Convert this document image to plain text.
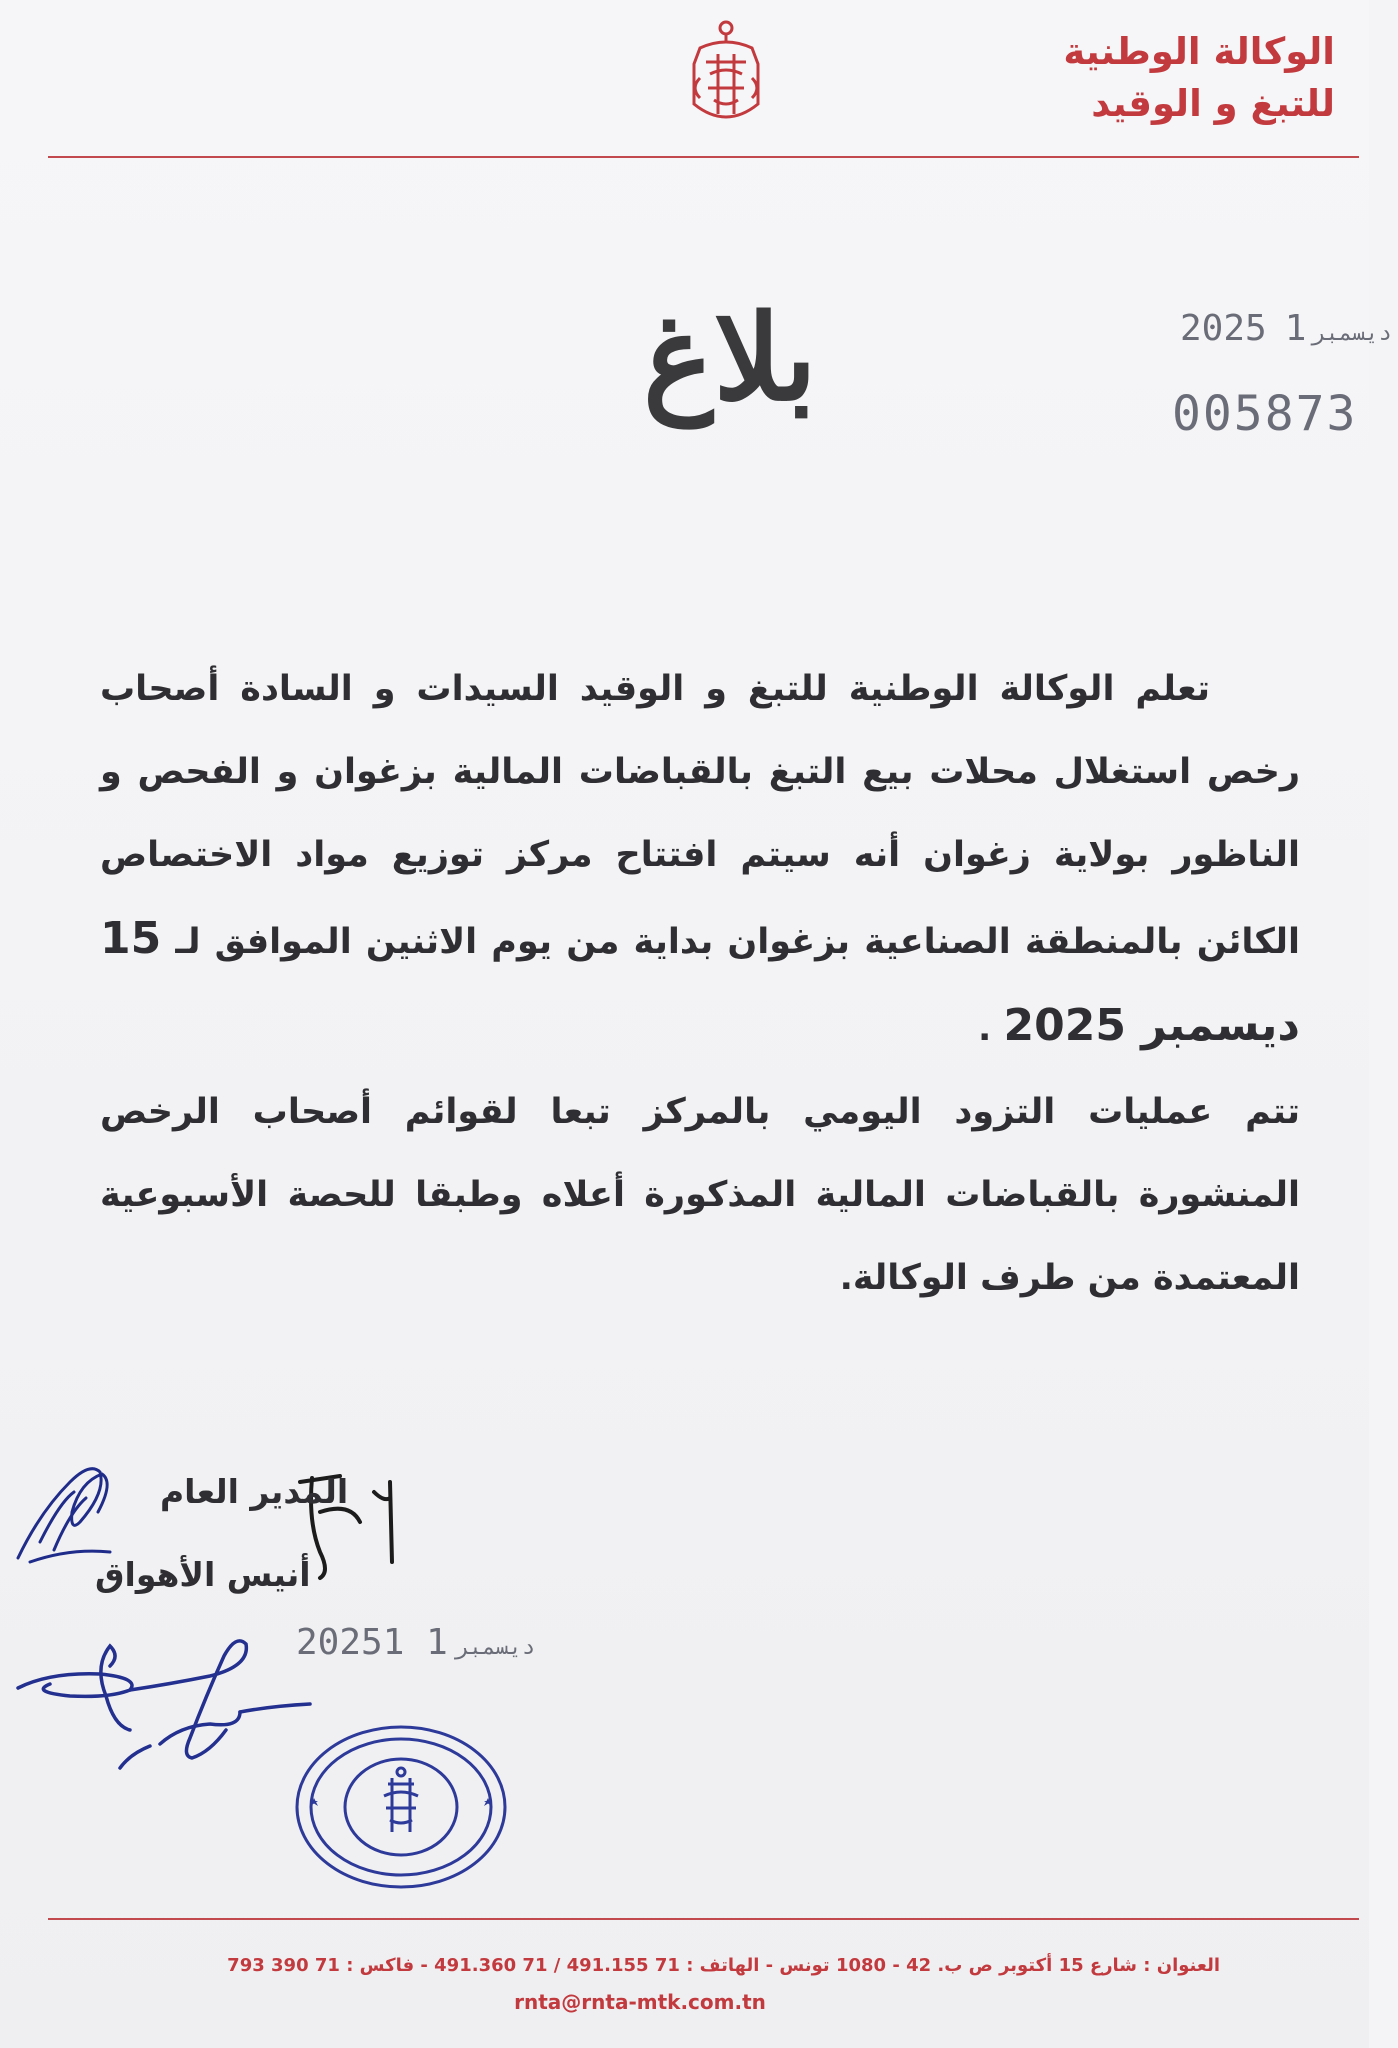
الوكالة الوطنية
للتبغ و الوقيد
2025 ديسمبر1
005873
بلاغ

تعلم الوكالة الوطنية للتبغ و الوقيد السيدات و السادة أصحاب رخص استغلال محلات بيع التبغ بالقباضات المالية بزغوان و الفحص و الناظور بولاية زغوان أنه سيتم افتتاح مركز توزيع مواد الاختصاص الكائن بالمنطقة الصناعية بزغوان بداية من يوم الاثنين الموافق لـ 15 ديسمبر 2025 .

تتم عمليات التزود اليومي بالمركز تبعا لقوائم أصحاب الرخص المنشورة بالقباضات المالية المذكورة أعلاه وطبقا للحصة الأسبوعية المعتمدة من طرف الوكالة.

المدير العام
أنيس الأهواق
2025	ديسمبر1 1
العنوان : شارع 15 أكتوبر ص ب. 42 - 1080 تونس - الهاتف : 71 491.155 / 71 491.360 - فاكس : 71 390 793
rnta@rnta-mtk.com.tn
